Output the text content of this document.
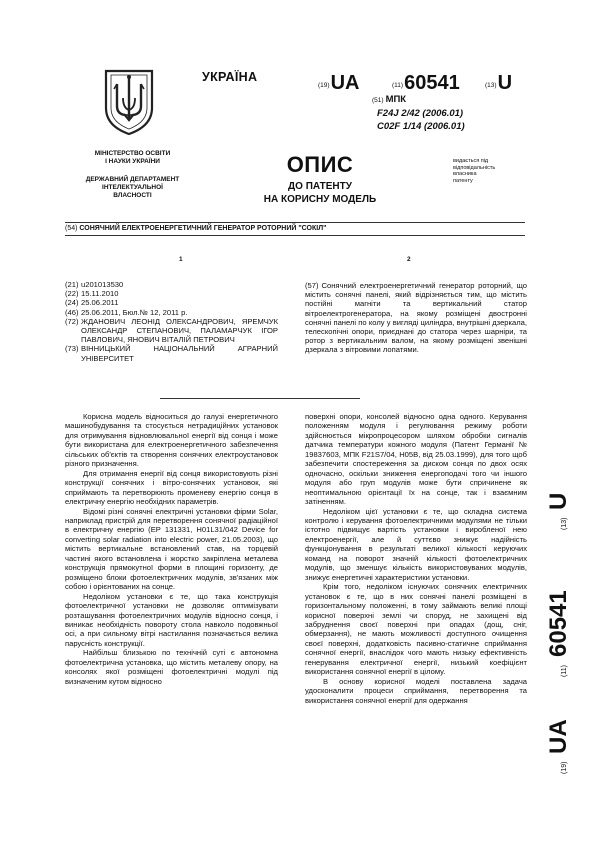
УКРАЇНА
(19)UA	(11)60541	(13)U
(51) МПК
F24J 2/42 (2006.01)
C02F 1/14 (2006.01)
МІНІСТЕРСТВО ОСВІТИ
І НАУКИ УКРАЇНИ
ДЕРЖАВНИЙ ДЕПАРТАМЕНТ
ІНТЕЛЕКТУАЛЬНОЇ
ВЛАСНОСТІ
ОПИС
ДО ПАТЕНТУ
НА КОРИСНУ МОДЕЛЬ
видається під
відповідальність
власника
патенту
(54) СОНЯЧНИЙ ЕЛЕКТРОЕНЕРГЕТИЧНИЙ ГЕНЕРАТОР РОТОРНИЙ "СОКІЛ"
1	2
(21) u201013530
(22) 15.11.2010
(24) 25.06.2011
(46) 25.06.2011, Бюл.№ 12, 2011 р.
(72) ЖДАНОВИЧ ЛЕОНІД ОЛЕКСАНДРОВИЧ, ЯРЕМЧУК ОЛЕКСАНДР СТЕПАНОВИЧ, ПАЛАМАРЧУК ІГОР ПАВЛОВИЧ, ЯНОВИЧ ВІТАЛІЙ ПЕТРОВИЧ
(73) ВІННИЦЬКИЙ НАЦІОНАЛЬНИЙ АГРАРНИЙ УНІВЕРСИТЕТ
(57) Сонячний електроенергетичний генератор роторний, що містить сонячні панелі, який відрізняється тим, що містить постійні магніти та вертикальний статор вітроелектрогенератора, на якому розміщені двостронні сонячні панелі по колу у вигляді циліндра, внутрішні дзеркала, телескопічні опори, приєднані до статора через шарніри, та ротор з вертикальним валом, на якому розміщені звенішні дзеркала з вітровими лопатями.

Корисна модель відноситься до галузі енергетичного машинобудування та стосується нетрадиційних установок для отримування відновлювальної енергії від сонця і може бути використана для електроенергетичного забезпечення сільських об'єктів та створення сонячних електроустановок різного призначення.

Для отримання енергії від сонця використовують різні конструкції сонячних і вітро-сонячних установок, які сприймають та перетворюють променеву енергію сонця в електричну енергію необхідних параметрів.

Відомі різні сонячні електричні установки фірми Solar, наприклад пристрій для перетворення сонячної радіаційної в електричну енергію (ЕР 131331, H01L31/042 Device for converting solar radiation into electric power, 21.05.2003), що містить вертикальне встановлений став, на торцевій частині якого встановлена і жорстко закріплена металева конструкція прямокутної форми в площині горизонту, де розміщено блоки фотоелектричних модулів, зв'язаних між собою і орієнтованих на сонце.

Недоліком установки є те, що така конструкція фотоелектричної установки не дозволяє оптимізувати розташування фотоелектричних модулів відносно сонця, і виникає необхідність повороту стола навколо подовжньої осі, а при сильному вітрі настилання позначається велика парусність конструкції.

Найбільш близькою по технічній суті є автономна фотоелектрична установка, що містить металеву опору, на консолях якої розміщені фотоелектричні модулі під визначеним кутом відносно

поверхні опори, консолей відносно одна одного. Керування положенням модуля і регулювання режиму роботи здійснюється мікропроцесором шляхом обробки сигналів датчика температури кожного модуля (Патент Германії № 19837603, МПК F21S7/04, H05B, від 25.03.1999), для того щоб забезпечити спостереження за диском сонця по двох осях одночасно, оскільки зниження енергоподачі того чи іншого модуля або груп модулів може бути спричинене як неоптимальною орієнтації їх на сонце, так і взаємним затіненням.

Недоліком цієї установки є те, що складна система контролю і керування фотоелектричними модулями не тільки істотно підвищує вартість установки і виробленої нею електроенергії, але й суттєво знижує надійність функціонування в результаті великої кількості керуючих команд на поворот значній кількості фотоелектричних модулів, що зменшує кількість використовуваних модулів, знижує енергетичні характеристики установки.

Крім того, недоліком існуючих сонячних електричних установок є те, що в них сонячні панелі розміщені в горизонтальному положенні, в тому займають великі площі корисної поверхні землі чи споруд, не захищені від забруднення своєї поверхні при опадах (дощ, сніг, обмерзання), не мають можливості доступного очищення своєї поверхні, додатковість пасивно-статичне сприймання сонячної енергії, внаслідок чого мають низьку ефективність генерування електричної енергії, низький коефіцієнт використання сонячної енергії в цілому.

В основу корисної моделі поставлена задача удосконалити процеси сприймання, перетворення та використання сонячної енергії для одержання

(19)
UA
(11)
60541
(13)
U
